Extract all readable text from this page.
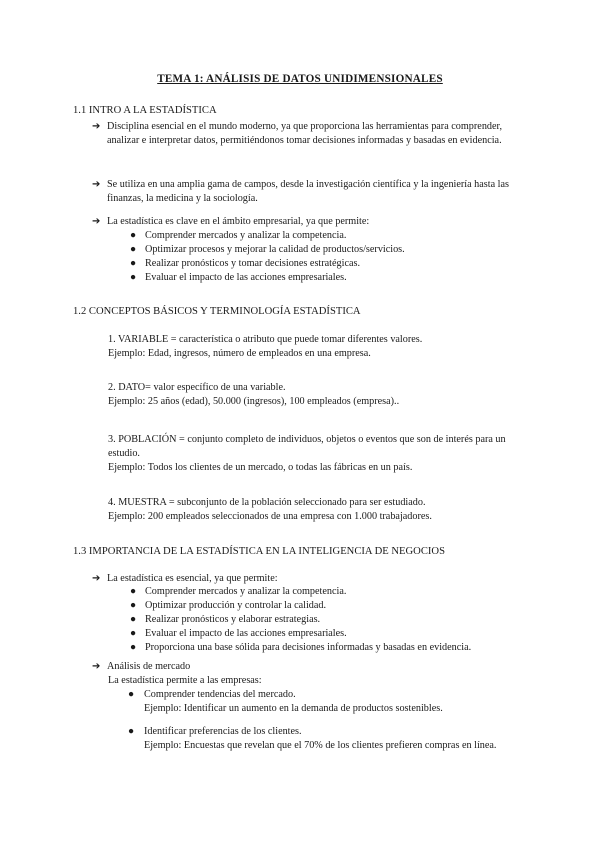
TEMA 1: ANÁLISIS DE DATOS UNIDIMENSIONALES
1.1 INTRO A LA ESTADÍSTICA
➔ Disciplina esencial en el mundo moderno, ya que proporciona las herramientas para comprender, analizar e interpretar datos, permitiéndonos tomar decisiones informadas y basadas en evidencia.
➔ Se utiliza en una amplia gama de campos, desde la investigación científica y la ingeniería hasta las finanzas, la medicina y la sociología.
➔ La estadística es clave en el ámbito empresarial, ya que permite:
● Comprender mercados y analizar la competencia.
● Optimizar procesos y mejorar la calidad de productos/servicios.
● Realizar pronósticos y tomar decisiones estratégicas.
● Evaluar el impacto de las acciones empresariales.
1.2 CONCEPTOS BÁSICOS Y TERMINOLOGÍA ESTADÍSTICA
1. VARIABLE = característica o atributo que puede tomar diferentes valores.
Ejemplo: Edad, ingresos, número de empleados en una empresa.
2. DATO= valor específico de una variable.
Ejemplo: 25 años (edad), 50.000 (ingresos), 100 empleados (empresa)..
3. POBLACIÓN = conjunto completo de individuos, objetos o eventos que son de interés para un estudio.
Ejemplo: Todos los clientes de un mercado, o todas las fábricas en un país.
4. MUESTRA = subconjunto de la población seleccionado para ser estudiado.
Ejemplo: 200 empleados seleccionados de una empresa con 1.000 trabajadores.
1.3 IMPORTANCIA DE LA ESTADÍSTICA EN LA INTELIGENCIA DE NEGOCIOS
➔ La estadística es esencial, ya que permite:
● Comprender mercados y analizar la competencia.
● Optimizar producción y controlar la calidad.
● Realizar pronósticos y elaborar estrategias.
● Evaluar el impacto de las acciones empresariales.
● Proporciona una base sólida para decisiones informadas y basadas en evidencia.
➔ Análisis de mercado
La estadística permite a las empresas:
● Comprender tendencias del mercado.
Ejemplo: Identificar un aumento en la demanda de productos sostenibles.
● Identificar preferencias de los clientes.
Ejemplo: Encuestas que revelan que el 70% de los clientes prefieren compras en línea.
